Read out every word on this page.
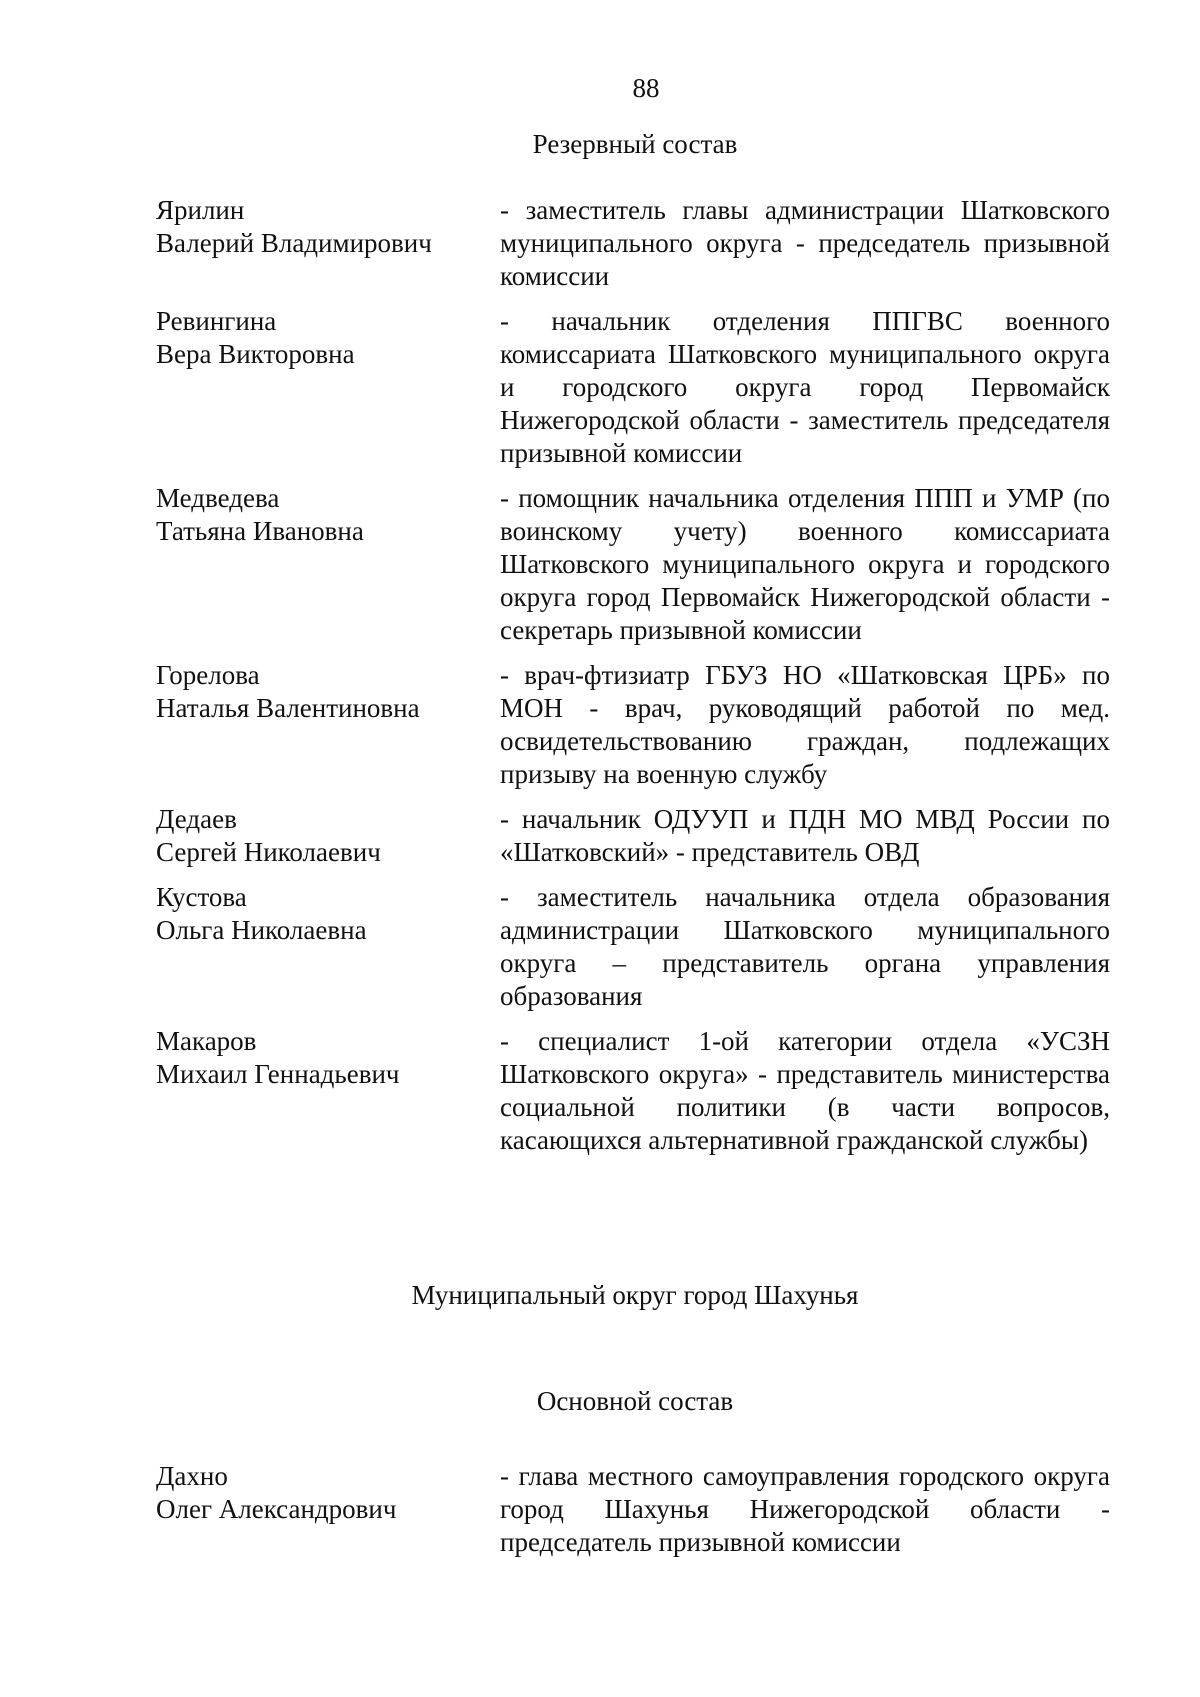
88
Резервный состав
Ярилин
Валерий Владимирович
- заместитель главы администрации Шатковского муниципального округа - председатель призывной комиссии
Ревингина
Вера Викторовна
- начальник отделения ППГВС военного комиссариата Шатковского муниципального округа и городского округа город Первомайск Нижегородской области - заместитель председателя призывной комиссии
Медведева
Татьяна Ивановна
- помощник начальника отделения ППП и УМР (по воинскому учету) военного комиссариата Шатковского муниципального округа и городского округа город Первомайск Нижегородской области - секретарь призывной комиссии
Горелова
Наталья Валентиновна
- врач-фтизиатр ГБУЗ НО «Шатковская ЦРБ» по МОН - врач, руководящий работой по мед. освидетельствованию граждан, подлежащих призыву на военную службу
Дедаев
Сергей Николаевич
- начальник ОДУУП и ПДН МО МВД России по «Шатковский» - представитель ОВД
Кустова
Ольга Николаевна
- заместитель начальника отдела образования администрации Шатковского муниципального округа – представитель органа управления образования
Макаров
Михаил Геннадьевич
- специалист 1-ой категории отдела «УСЗН Шатковского округа» - представитель министерства социальной политики (в части вопросов, касающихся альтернативной гражданской службы)
Муниципальный округ город Шахунья
Основной состав
Дахно
Олег Александрович
- глава местного самоуправления городского округа город Шахунья Нижегородской области - председатель призывной комиссии
